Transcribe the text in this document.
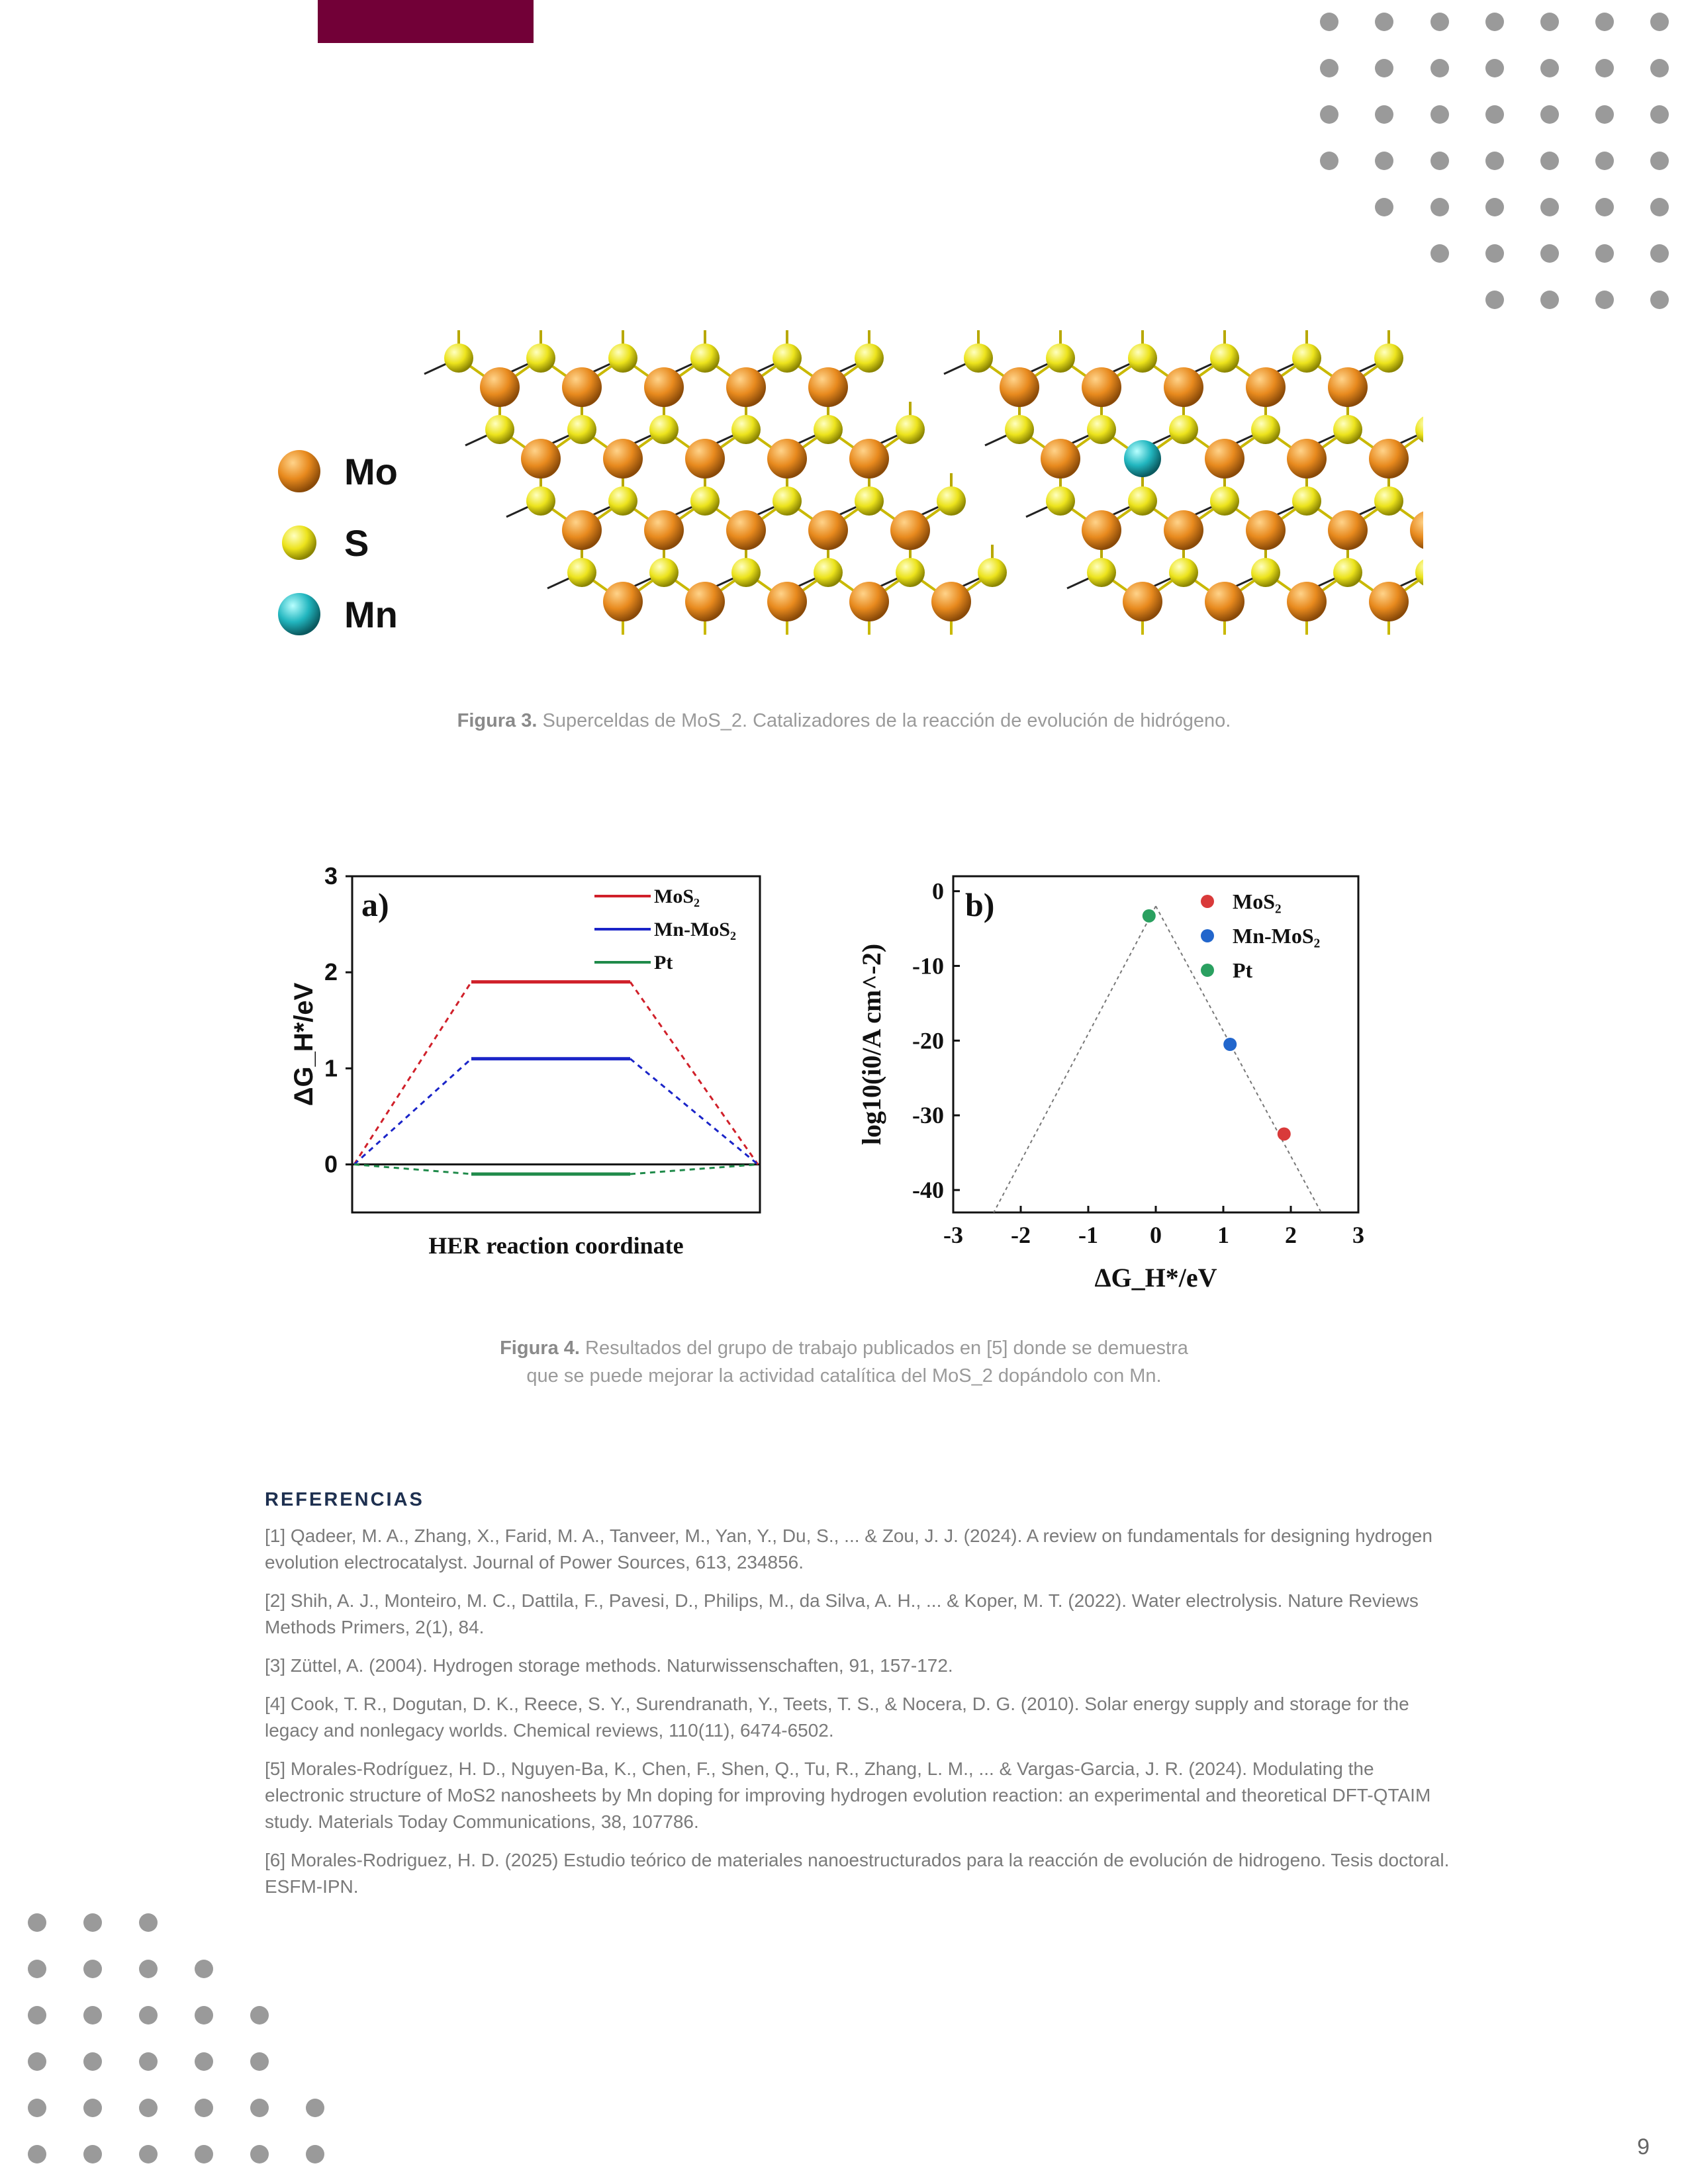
Mo
S
Mn
Figura 3. Superceldas de MoS_2. Catalizadores de la reacción de evolución de hidrógeno.
0
1
2
3
a)
HER reaction coordinate
ΔG_H*/eV
MoS₂
Mn-MoS₂
Pt
0
-10
-20
-30
-40
-3 -2 -1 0 1 2 3
b)
ΔG_H*/eV
log10(i0/A cm^-2)
MoS₂
Mn-MoS₂
Pt
Figura 4. Resultados del grupo de trabajo publicados en [5] donde se demuestra
que se puede mejorar la actividad catalítica del MoS_2 dopándolo con Mn.
REFERENCIAS

[1] Qadeer, M. A., Zhang, X., Farid, M. A., Tanveer, M., Yan, Y., Du, S., ... & Zou, J. J. (2024). A review on fundamentals for designing hydrogen evolution electrocatalyst. Journal of Power Sources, 613, 234856.

[2] Shih, A. J., Monteiro, M. C., Dattila, F., Pavesi, D., Philips, M., da Silva, A. H., ... & Koper, M. T. (2022). Water electrolysis. Nature Reviews Methods Primers, 2(1), 84.

[3] Züttel, A. (2004). Hydrogen storage methods. Naturwissenschaften, 91, 157-172.

[4] Cook, T. R., Dogutan, D. K., Reece, S. Y., Surendranath, Y., Teets, T. S., & Nocera, D. G. (2010). Solar energy supply and storage for the legacy and nonlegacy worlds. Chemical reviews, 110(11), 6474-6502.

[5] Morales-Rodríguez, H. D., Nguyen-Ba, K., Chen, F., Shen, Q., Tu, R., Zhang, L. M., ... & Vargas-Garcia, J. R. (2024). Modulating the electronic structure of MoS2 nanosheets by Mn doping for improving hydrogen evolution reaction: an experimental and theoretical DFT-QTAIM study. Materials Today Communications, 38, 107786.

[6] Morales-Rodriguez, H. D. (2025) Estudio teórico de materiales nanoestructurados para la reacción de evolución de hidrogeno. Tesis doctoral. ESFM-IPN.

9
